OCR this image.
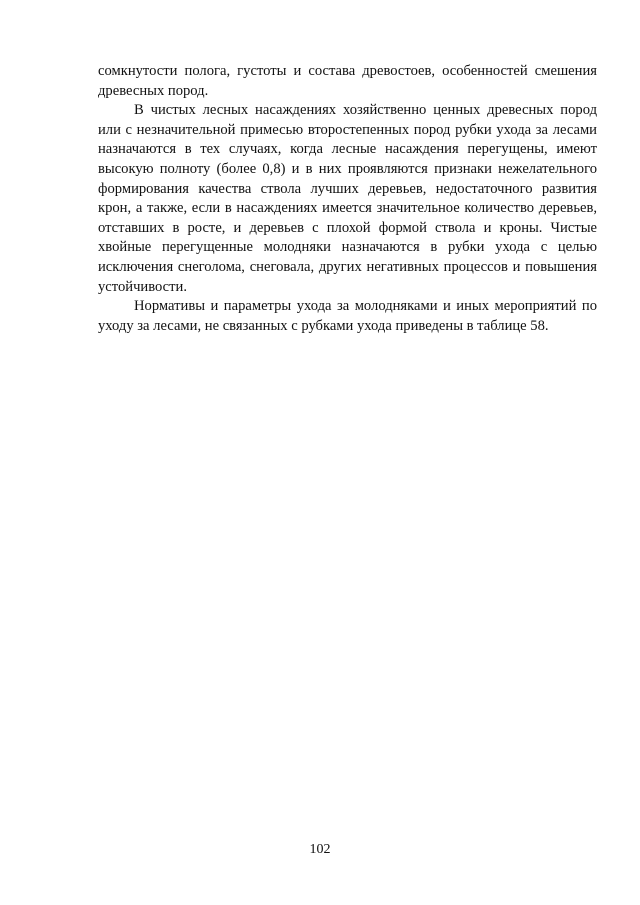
сомкнутости полога, густоты и состава древостоев, особенностей смешения древесных пород.

В чистых лесных насаждениях хозяйственно ценных древесных пород или с незначительной примесью второстепенных пород рубки ухода за лесами назначаются в тех случаях, когда лесные насаждения перегущены, имеют высокую полноту (более 0,8) и в них проявляются признаки нежелательного формирования качества ствола лучших деревьев, недостаточного развития крон, а также, если в насаждениях имеется значительное количество деревьев, отставших в росте, и деревьев с плохой формой ствола и кроны. Чистые хвойные перегущенные молодняки назначаются в рубки ухода с целью исключения снеголома, снеговала, других негативных процессов и повышения устойчивости.

Нормативы и параметры ухода за молодняками и иных мероприятий по уходу за лесами, не связанных с рубками ухода приведены в таблице 58.

102
